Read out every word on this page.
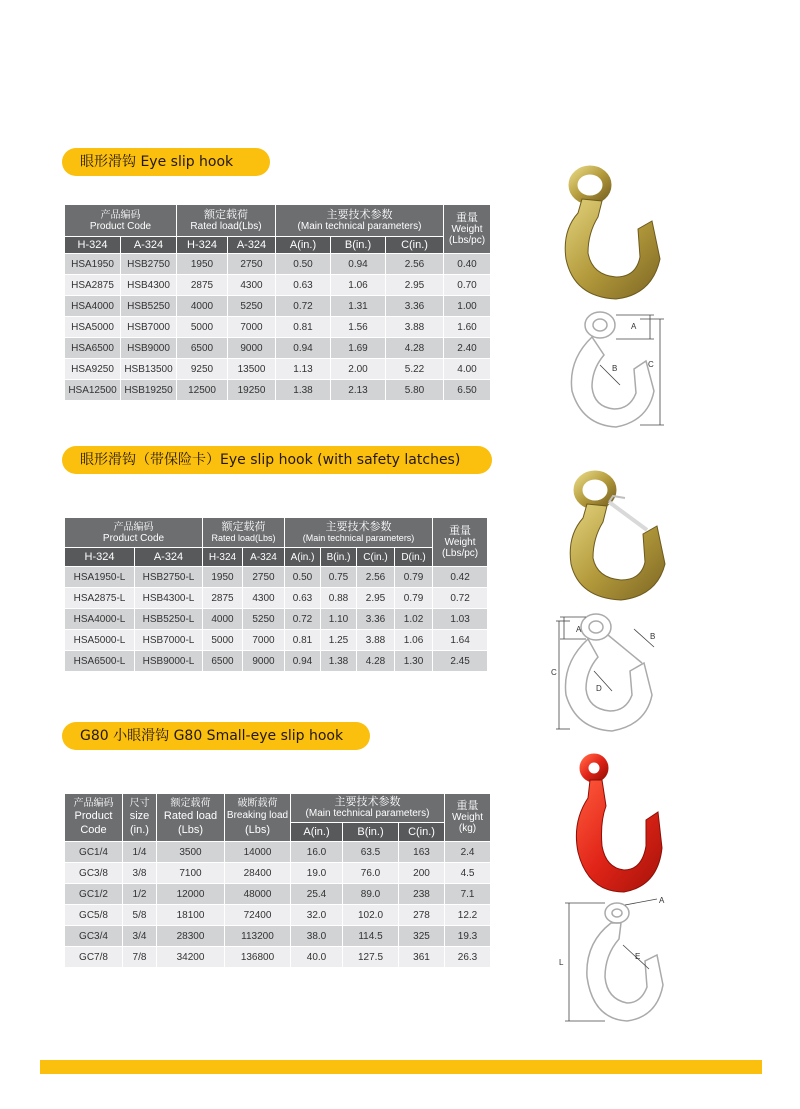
眼形滑钩 Eye slip hook
产品编码
Product Code		额定载荷
Rated load(Lbs)		主要技术参数
(Main technical parameters)			重量
Weight
(Lbs/pc)

H-324	A-324	H-324	A-324	A(in.)	B(in.)	C(in.)	
HSA1950	HSB2750	1950	2750	0.50	0.94	2.56	0.40
HSA2875	HSB4300	2875	4300	0.63	1.06	2.95	0.70
HSA4000	HSB5250	4000	5250	0.72	1.31	3.36	1.00
HSA5000	HSB7000	5000	7000	0.81	1.56	3.88	1.60
HSA6500	HSB9000	6500	9000	0.94	1.69	4.28	2.40
HSA9250	HSB13500	9250	13500	1.13	2.00	5.22	4.00
HSA12500	HSB19250	12500	19250	1.38	2.13	5.80	6.50
A
B	C
眼形滑钩（带保险卡）Eye slip hook (with safety latches)
产品编码
Product Code		额定载荷
Rated load(Lbs)		主要技术参数
(Main technical parameters)				重量
Weight
(Lbs/pc)

H-324	A-324	H-324	A-324	A(in.)	B(in.)	C(in.)	D(in.)	
HSA1950-L	HSB2750-L	1950	2750	0.50	0.75	2.56	0.79	0.42
HSA2875-L	HSB4300-L	2875	4300	0.63	0.88	2.95	0.79	0.72
HSA4000-L	HSB5250-L	4000	5250	0.72	1.10	3.36	1.02	1.03
HSA5000-L	HSB7000-L	5000	7000	0.81	1.25	3.88	1.06	1.64
HSA6500-L	HSB9000-L	6500	9000	0.94	1.38	4.28	1.30	2.45
A
B
C
D
G80 小眼滑钩 G80 Small-eye slip hook
产品编码
Product
Code	尺寸
size
(in.)	额定载荷
Rated load
(Lbs)	破断载荷
Breaking load
(Lbs)	主要技术参数
(Main technical parameters)			重量
Weight
(kg)

				A(in.)	B(in.)	C(in.)	
GC1/4	1/4	3500	14000	16.0	63.5	163	2.4
GC3/8	3/8	7100	28400	19.0	76.0	200	4.5
GC1/2	1/2	12000	48000	25.4	89.0	238	7.1
GC5/8	5/8	18100	72400	32.0	102.0	278	12.2
GC3/4	3/4	28300	113200	38.0	114.5	325	19.3
GC7/8	7/8	34200	136800	40.0	127.5	361	26.3
A
E
L
